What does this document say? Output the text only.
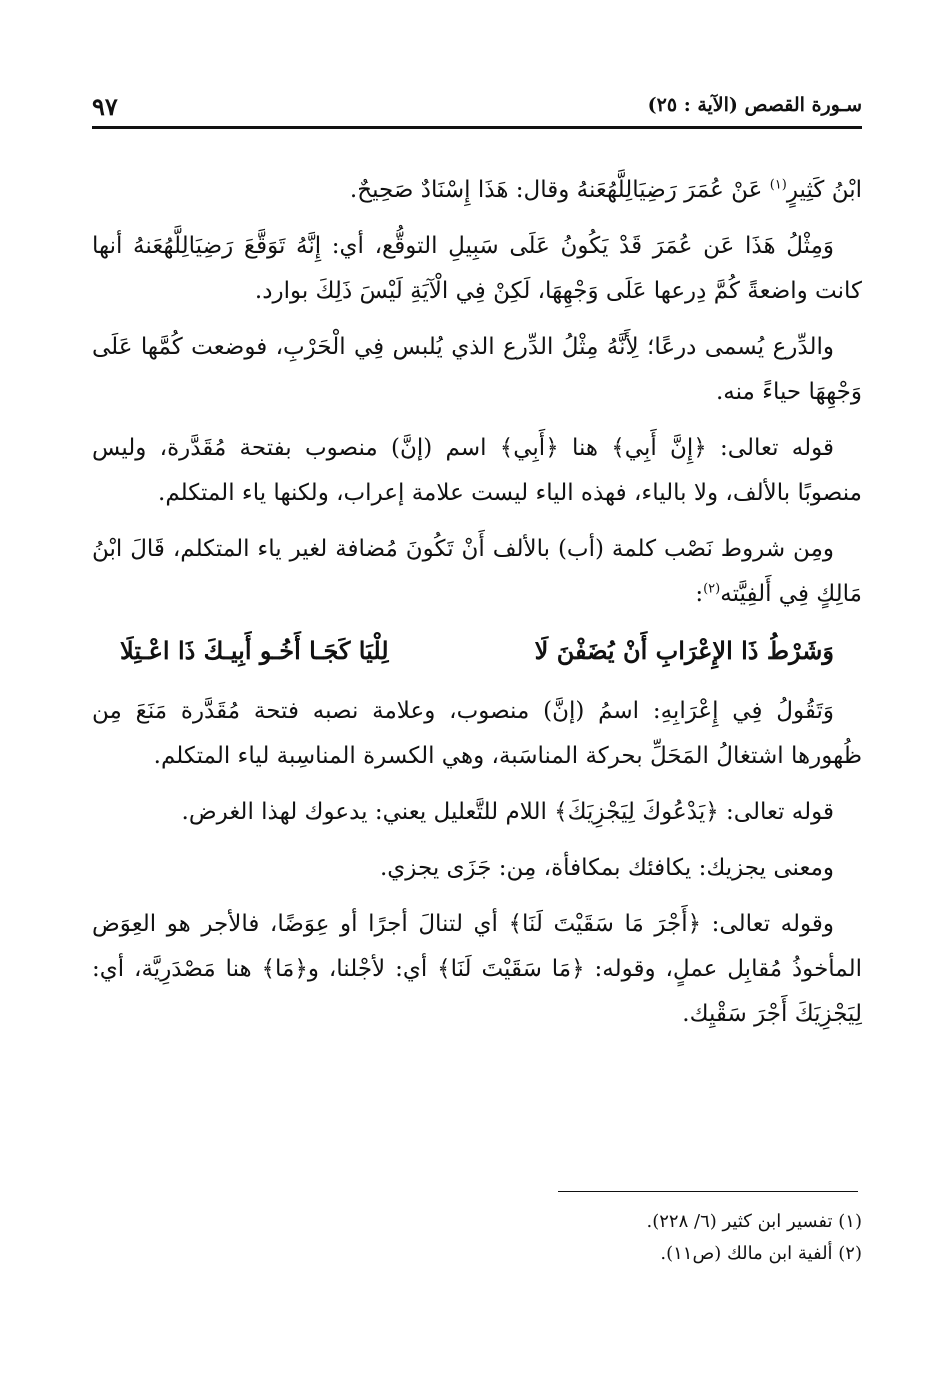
سـورة القصص (الآية : ٢٥)
٩٧

ابْنُ كَثِيرٍ$^{(١)}$ عَنْ عُمَرَ رَضِيَالِلَّهُعَنهُ وقال: هَذَا إِسْنَادٌ صَحِيحٌ.

وَمِثْلُ هَذَا عَن عُمَرَ قَدْ يَكُونُ عَلَى سَبِيلِ التوقُّع، أي: إِنَّهُ تَوَقَّعَ رَضِيَالِلَّهُعَنهُ أنها كانت واضعةً كُمَّ دِرعها عَلَى وَجْهِهَا، لَكِنْ فِي الْآيَةِ لَيْسَ ذَلِكَ بوارد.

والدِّرع يُسمى درعًا؛ لِأَنَّهُ مِثْلُ الدِّرع الذي يُلبس فِي الْحَرْبِ، فوضعت كُمَّها عَلَى وَجْهِهَا حياءً منه.

قوله تعالى: ﴿إِنَّ أَبِي﴾ هنا ﴿أَبِي﴾ اسم (إنَّ) منصوب بفتحة مُقَدَّرة، وليس منصوبًا بالألف، ولا بالياء، فهذه الياء ليست علامة إعراب، ولكنها ياء المتكلم.

ومِن شروط نَصْب كلمة (أب) بالألف أَنْ تَكُونَ مُضافة لغير ياء المتكلم، قَالَ ابْنُ مَالِكٍ فِي أَلفِيَّته$^{(٢)}$:

وَشَرْطُ ذَا الإِعْرَابِ أَنْ يُضَفْنَ لَا
لِلْيَا كَجَـا أَخُـو أَبِيـكَ ذَا اعْـتِلَا

وَتَقُولُ فِي إِعْرَابِهِ: اسمُ (إنَّ) منصوب، وعلامة نصبه فتحة مُقَدَّرة مَنَعَ مِن ظُهورها اشتغالُ المَحَلِّ بحركة المناسَبة، وهي الكسرة المناسِبة لياء المتكلم.

قوله تعالى: ﴿يَدْعُوكَ لِيَجْزِيَكَ﴾ اللام للتَّعليل يعني: يدعوك لهذا الغرض.

ومعنى يجزيك: يكافئك بمكافأة، مِن: جَزَى يجزي.

وقوله تعالى: ﴿أَجْرَ مَا سَقَيْتَ لَنَا﴾ أي لتنالَ أجرًا أو عِوَضًا، فالأجر هو العِوَض المأخوذُ مُقابِل عملٍ، وقوله: ﴿مَا سَقَيْتَ لَنَا﴾ أي: لأجْلنا، و﴿مَا﴾ هنا مَصْدَرِيَّة، أي: لِيَجْزِيَكَ أَجْرَ سَقْيِك.

(١) تفسير ابن كثير (٦/ ٢٢٨).

(٢) ألفية ابن مالك (ص١١).
